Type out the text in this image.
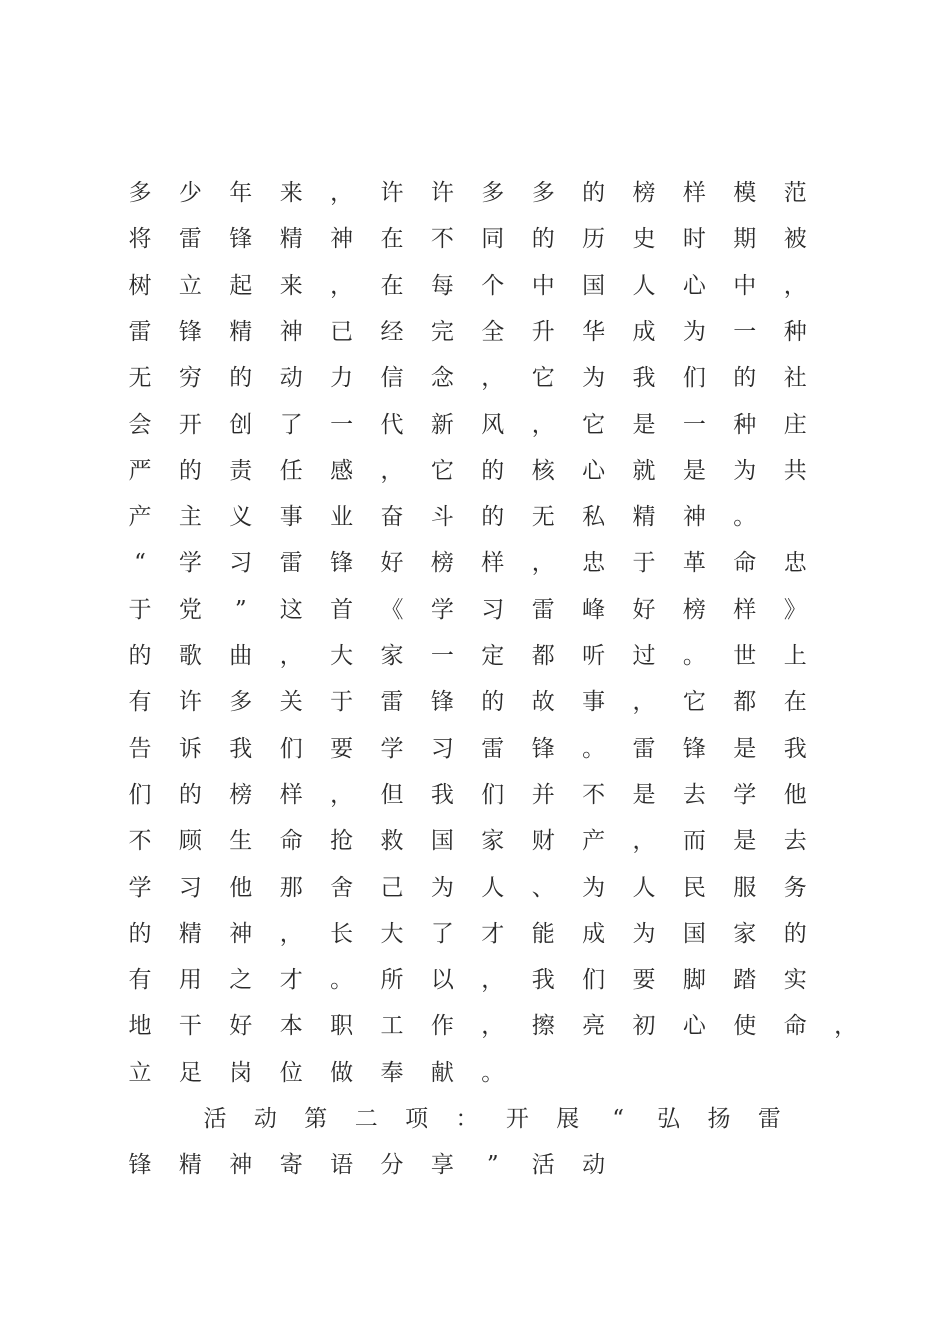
多	少	年	来	，	许	许	多	多	的	榜	样	模	范
将	雷	锋	精	神	在	不	同	的	历	史	时	期	被
树	立	起	来	，	在	每	个	中	国	人	心	中	，
雷	锋	精	神	已	经	完	全	升	华	成	为	一	种
无	穷	的	动	力	信	念	，	它	为	我	们	的	社
会	开	创	了	一	代	新	风	，	它	是	一	种	庄
严	的	责	任	感	，	它	的	核	心	就	是	为	共
产	主	义	事	业	奋	斗	的	无	私	精	神	。
“	学	习	雷	锋	好	榜	样	，	忠	于	革	命	忠
于	党	”	这	首	《	学	习	雷	峰	好	榜	样	》
的	歌	曲	，	大	家	一	定	都	听	过	。	世	上
有	许	多	关	于	雷	锋	的	故	事	，	它	都	在
告	诉	我	们	要	学	习	雷	锋	。	雷	锋	是	我
们	的	榜	样	，	但	我	们	并	不	是	去	学	他
不	顾	生	命	抢	救	国	家	财	产	，	而	是	去
学	习	他	那	舍	己	为	人	、	为	人	民	服	务
的	精	神	，	长	大	了	才	能	成	为	国	家	的
有	用	之	才	。	所	以	，	我	们	要	脚	踏	实
地	干	好	本	职	工	作	，	擦	亮	初	心	使	命	，
立	足	岗	位	做	奉	献	。
活	动	第	二	项	：	开	展	“	弘	扬	雷
锋	精	神	寄	语	分	享	”	活	动
